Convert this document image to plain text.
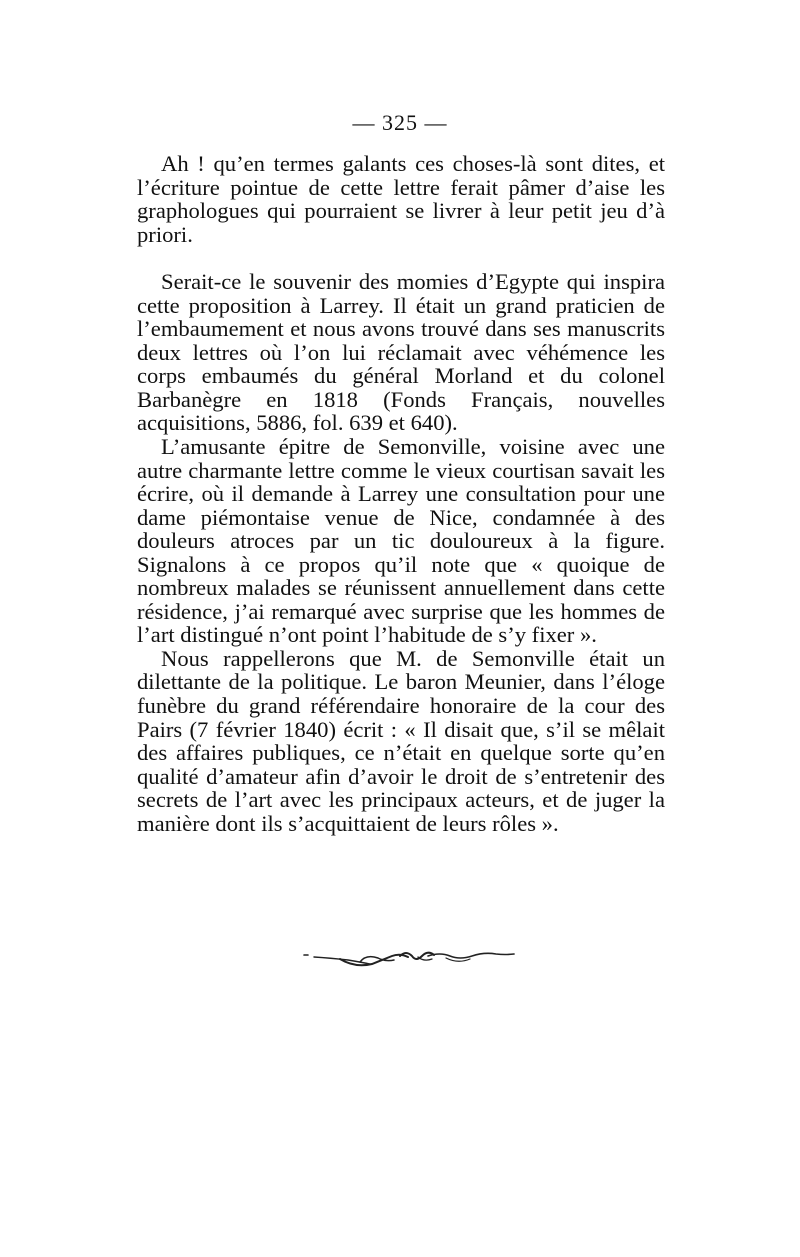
— 325 —

Ah ! qu’en termes galants ces choses-là sont dites, et l’écriture pointue de cette lettre ferait pâmer d’aise les graphologues qui pourraient se livrer à leur petit jeu d’à priori.

Serait-ce le souvenir des momies d’Egypte qui inspira cette proposition à Larrey. Il était un grand praticien de l’embaumement et nous avons trouvé dans ses manuscrits deux lettres où l’on lui réclamait avec véhémence les corps embaumés du général Morland et du colonel Barbanègre en 1818 (Fonds Français, nouvelles acquisitions, 5886, fol. 639 et 640).

L’amusante épitre de Semonville, voisine avec une autre charmante lettre comme le vieux courtisan savait les écrire, où il demande à Larrey une consultation pour une dame piémontaise venue de Nice, condamnée à des douleurs atroces par un tic douloureux à la figure. Signalons à ce propos qu’il note que « quoique de nombreux malades se réunissent annuellement dans cette résidence, j’ai remarqué avec surprise que les hommes de l’art distingué n’ont point l’habitude de s’y fixer ».

Nous rappellerons que M. de Semonville était un dilettante de la politique. Le baron Meunier, dans l’éloge funèbre du grand référendaire honoraire de la cour des Pairs (7 février 1840) écrit : « Il disait que, s’il se mêlait des affaires publiques, ce n’était en quelque sorte qu’en qualité d’amateur afin d’avoir le droit de s’entretenir des secrets de l’art avec les principaux acteurs, et de juger la manière dont ils s’acquittaient de leurs rôles ».
